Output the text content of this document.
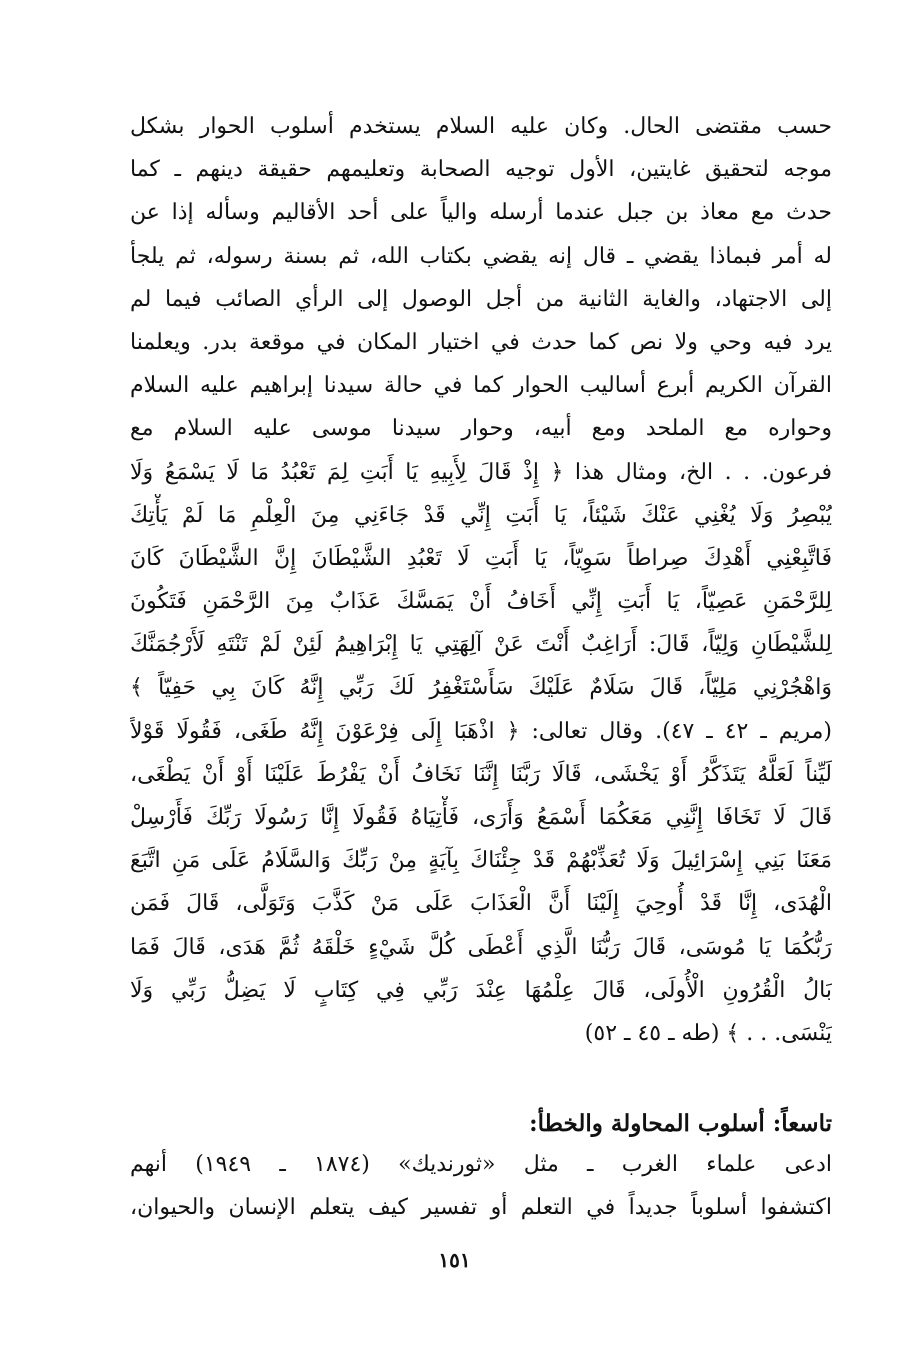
حسب مقتضى الحال. وكان عليه السلام يستخدم أسلوب الحوار بشكل
موجه لتحقيق غايتين، الأول توجيه الصحابة وتعليمهم حقيقة دينهم ـ كما
حدث مع معاذ بن جبل عندما أرسله والياً على أحد الأقاليم وسأله إذا عن
له أمر فبماذا يقضي ـ قال إنه يقضي بكتاب الله، ثم بسنة رسوله، ثم يلجأ
إلى الاجتهاد، والغاية الثانية من أجل الوصول إلى الرأي الصائب فيما لم
يرد فيه وحي ولا نص كما حدث في اختيار المكان في موقعة بدر. ويعلمنا
القرآن الكريم أبرع أساليب الحوار كما في حالة سيدنا إبراهيم عليه السلام
وحواره مع الملحد ومع أبيه، وحوار سيدنا موسى عليه السلام مع
فرعون. . . الخ، ومثال هذا ﴿ إِذْ قَالَ لِأَبِيهِ يَا أَبَتِ لِمَ تَعْبُدُ مَا لَا يَسْمَعُ وَلَا
يُبْصِرُ وَلَا يُغْنِي عَنْكَ شَيْئاً، يَا أَبَتِ إِنِّي قَدْ جَاءَنِي مِنَ الْعِلْمِ مَا لَمْ يَأْتِكَ
فَاتَّبِعْنِي أَهْدِكَ صِراطاً سَوِيّاً، يَا أَبَتِ لَا تَعْبُدِ الشَّيْطَانَ إِنَّ الشَّيْطَانَ كَانَ
لِلرَّحْمَنِ عَصِيّاً، يَا أَبَتِ إِنِّي أَخَافُ أَنْ يَمَسَّكَ عَذَابٌ مِنَ الرَّحْمَنِ فَتَكُونَ
لِلشَّيْطَانِ وَلِيّاً، قَالَ: أَرَاغِبٌ أَنْتَ عَنْ آلِهَتِي يَا إِبْرَاهِيمُ لَئِنْ لَمْ تَنْتَهِ لَأَرْجُمَنَّكَ
وَاهْجُرْنِي مَلِيّاً، قَالَ سَلَامٌ عَلَيْكَ سَأَسْتَغْفِرُ لَكَ رَبِّي إِنَّهُ كَانَ بِي حَفِيّاً ﴾
(مريم ـ ٤٢ ـ ٤٧). وقال تعالى: ﴿ اذْهَبَا إِلَى فِرْعَوْنَ إِنَّهُ طَغَى، فَقُولَا قَوْلاً
لَيِّناً لَعَلَّهُ يَتَذَكَّرُ أَوْ يَخْشَى، قَالَا رَبَّنَا إِنَّنَا نَخَافُ أَنْ يَفْرُطَ عَلَيْنَا أَوْ أَنْ يَطْغَى،
قَالَ لَا تَخَافَا إِنَّنِي مَعَكُمَا أَسْمَعُ وَأَرَى، فَأْتِيَاهُ فَقُولَا إِنَّا رَسُولَا رَبِّكَ فَأَرْسِلْ
مَعَنَا بَنِي إِسْرَائِيلَ وَلَا تُعَذِّبْهُمْ قَدْ جِئْنَاكَ بِآيَةٍ مِنْ رَبِّكَ وَالسَّلَامُ عَلَى مَنِ اتَّبَعَ
الْهُدَى، إِنَّا قَدْ أُوحِيَ إِلَيْنَا أَنَّ الْعَذَابَ عَلَى مَنْ كَذَّبَ وَتَوَلَّى، قَالَ فَمَن
رَبُّكُمَا يَا مُوسَى، قَالَ رَبُّنَا الَّذِي أَعْطَى كُلَّ شَيْءٍ خَلْقَهُ ثُمَّ هَدَى، قَالَ فَمَا
بَالُ الْقُرُونِ الْأُولَى، قَالَ عِلْمُهَا عِنْدَ رَبِّي فِي كِتَابٍ لَا يَضِلُّ رَبِّي وَلَا
يَنْسَى. . . ﴾ (طه ـ ٤٥ ـ ٥٢)
تاسعاً: أسلوب المحاولة والخطأ:
ادعى علماء الغرب ـ مثل «ثورنديك» (١٨٧٤ ـ ١٩٤٩) أنهم
اكتشفوا أسلوباً جديداً في التعلم أو تفسير كيف يتعلم الإنسان والحيوان،
١٥١
